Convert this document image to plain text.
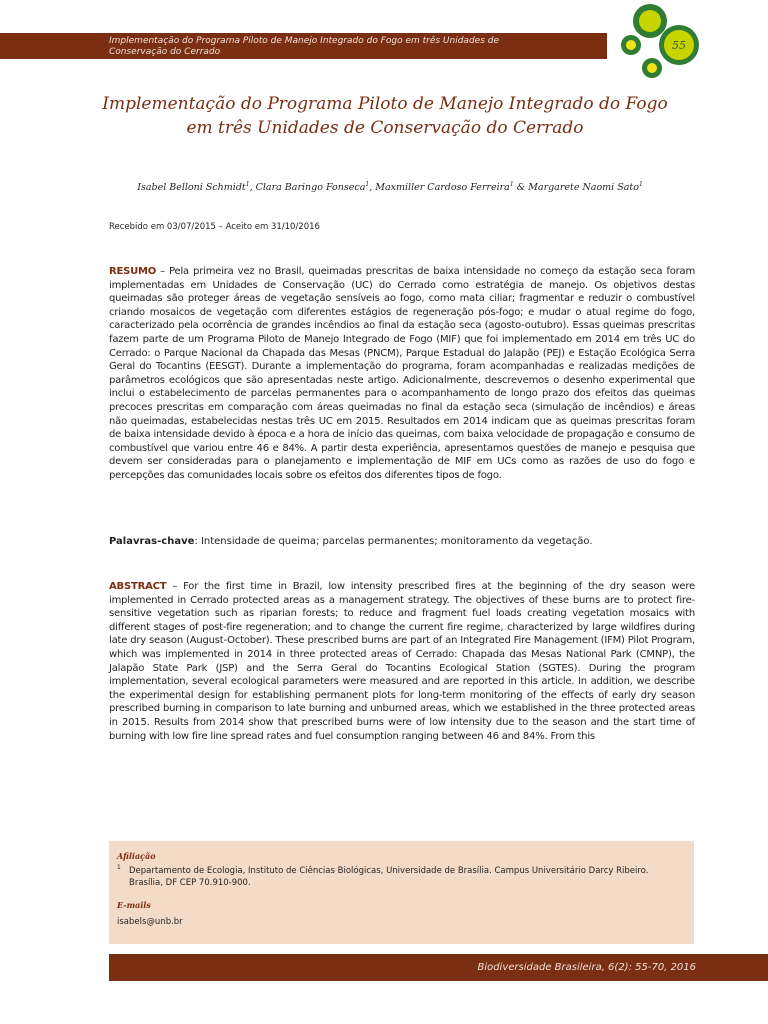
Implementação do Programa Piloto de Manejo Integrado do Fogo em três Unidades de Conservação do Cerrado	55
Implementação do Programa Piloto de Manejo Integrado do Fogo em três Unidades de Conservação do Cerrado
Isabel Belloni Schmidt$^1$, Clara Baringo Fonseca$^1$, Maxmiller Cardoso Ferreira$^1$ & Margarete Naomi Sato$^1$
Recebido em 03/07/2015 – Aceito em 31/10/2016
RESUMO – Pela primeira vez no Brasil, queimadas prescritas de baixa intensidade no começo da estação seca foram implementadas em Unidades de Conservação (UC) do Cerrado como estratégia de manejo. Os objetivos destas queimadas são proteger áreas de vegetação sensíveis ao fogo, como mata ciliar; fragmentar e reduzir o combustível criando mosaicos de vegetação com diferentes estágios de regeneração pós-fogo; e mudar o atual regime do fogo, caracterizado pela ocorrência de grandes incêndios ao final da estação seca (agosto-outubro). Essas queimas prescritas fazem parte de um Programa Piloto de Manejo Integrado de Fogo (MIF) que foi implementado em 2014 em três UC do Cerrado: o Parque Nacional da Chapada das Mesas (PNCM), Parque Estadual do Jalapão (PEJ) e Estação Ecológica Serra Geral do Tocantins (EESGT). Durante a implementação do programa, foram acompanhadas e realizadas medições de parâmetros ecológicos que são apresentadas neste artigo. Adicionalmente, descrevemos o desenho experimental que inclui o estabelecimento de parcelas permanentes para o acompanhamento de longo prazo dos efeitos das queimas precoces prescritas em comparação com áreas queimadas no final da estação seca (simulação de incêndios) e áreas não queimadas, estabelecidas nestas três UC em 2015. Resultados em 2014 indicam que as queimas prescritas foram de baixa intensidade devido à época e a hora de início das queimas, com baixa velocidade de propagação e consumo de combustível que variou entre 46 e 84%. A partir desta experiência, apresentamos questões de manejo e pesquisa que devem ser consideradas para o planejamento e implementação de MIF em UCs como as razões de uso do fogo e percepções das comunidades locais sobre os efeitos dos diferentes tipos de fogo.
Palavras-chave: Intensidade de queima; parcelas permanentes; monitoramento da vegetação.
ABSTRACT – For the first time in Brazil, low intensity prescribed fires at the beginning of the dry season were implemented in Cerrado protected areas as a management strategy. The objectives of these burns are to protect fire-sensitive vegetation such as riparian forests; to reduce and fragment fuel loads creating vegetation mosaics with different stages of post-fire regeneration; and to change the current fire regime, characterized by large wildfires during late dry season (August-October). These prescribed burns are part of an Integrated Fire Management (IFM) Pilot Program, which was implemented in 2014 in three protected areas of Cerrado: Chapada das Mesas National Park (CMNP), the Jalapão State Park (JSP) and the Serra Geral do Tocantins Ecological Station (SGTES). During the program implementation, several ecological parameters were measured and are reported in this article. In addition, we describe the experimental design for establishing permanent plots for long-term monitoring of the effects of early dry season prescribed burning in comparison to late burning and unburned areas, which we established in the three protected areas in 2015. Results from 2014 show that prescribed burns were of low intensity due to the season and the start time of burning with low fire line spread rates and fuel consumption ranging between 46 and 84%. From this
Afiliação
1 Departamento de Ecologia, Instituto de Ciências Biológicas, Universidade de Brasília. Campus Universitário Darcy Ribeiro. Brasília, DF CEP 70.910-900.
E-mails
isabels@unb.br
Biodiversidade Brasileira, 6(2): 55-70, 2016
